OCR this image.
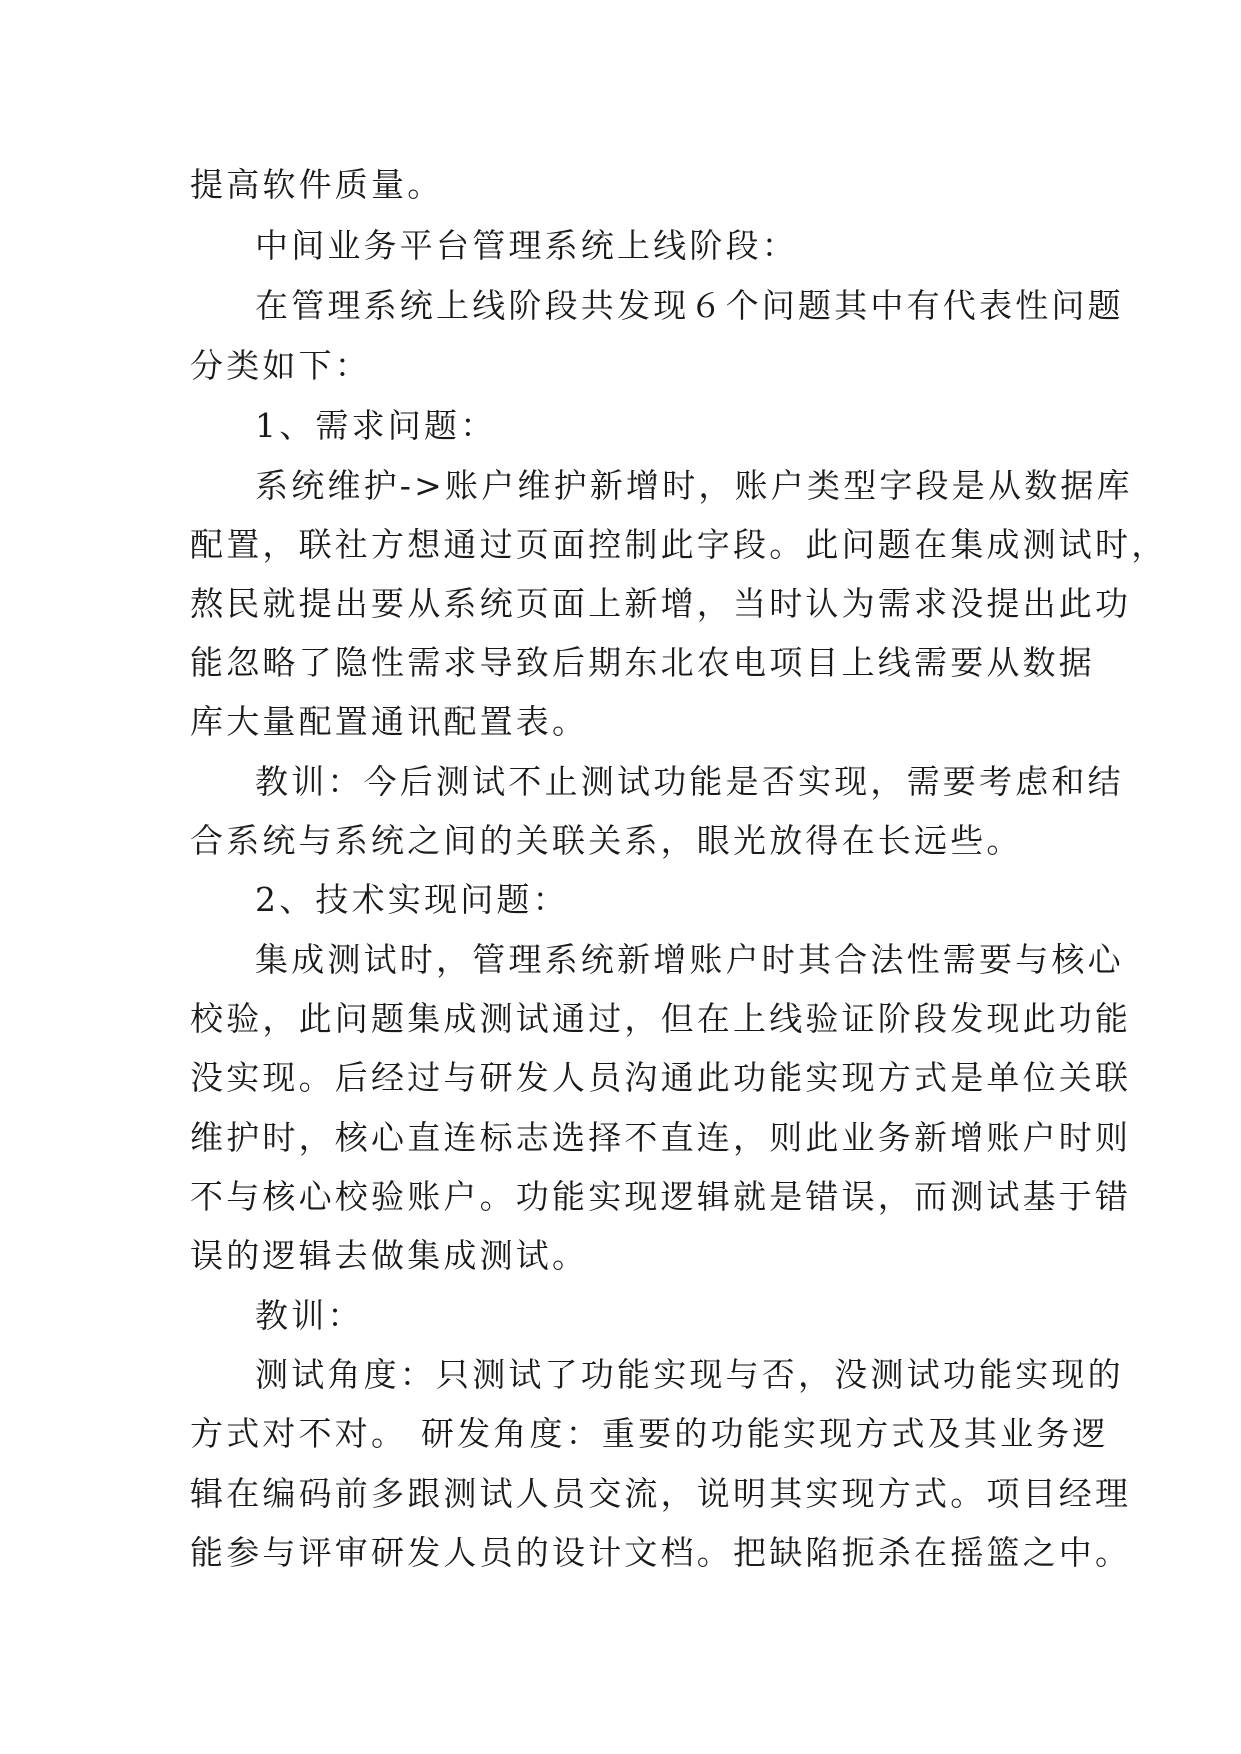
提高软件质量。
中间业务平台管理系统上线阶段：
在管理系统上线阶段共发现６个问题其中有代表性问题
分类如下：
1、需求问题：
系统维护->账户维护新增时，账户类型字段是从数据库
配置，联社方想通过页面控制此字段。此问题在集成测试时，
熬民就提出要从系统页面上新增，当时认为需求没提出此功
能忽略了隐性需求导致后期东北农电项目上线需要从数据
库大量配置通讯配置表。
教训：今后测试不止测试功能是否实现，需要考虑和结
合系统与系统之间的关联关系，眼光放得在长远些。
2、技术实现问题：
集成测试时，管理系统新增账户时其合法性需要与核心
校验，此问题集成测试通过，但在上线验证阶段发现此功能
没实现。后经过与研发人员沟通此功能实现方式是单位关联
维护时，核心直连标志选择不直连，则此业务新增账户时则
不与核心校验账户。功能实现逻辑就是错误，而测试基于错
误的逻辑去做集成测试。
教训：
测试角度：只测试了功能实现与否，没测试功能实现的
方式对不对。 研发角度：重要的功能实现方式及其业务逻
辑在编码前多跟测试人员交流，说明其实现方式。项目经理
能参与评审研发人员的设计文档。把缺陷扼杀在摇篮之中。
